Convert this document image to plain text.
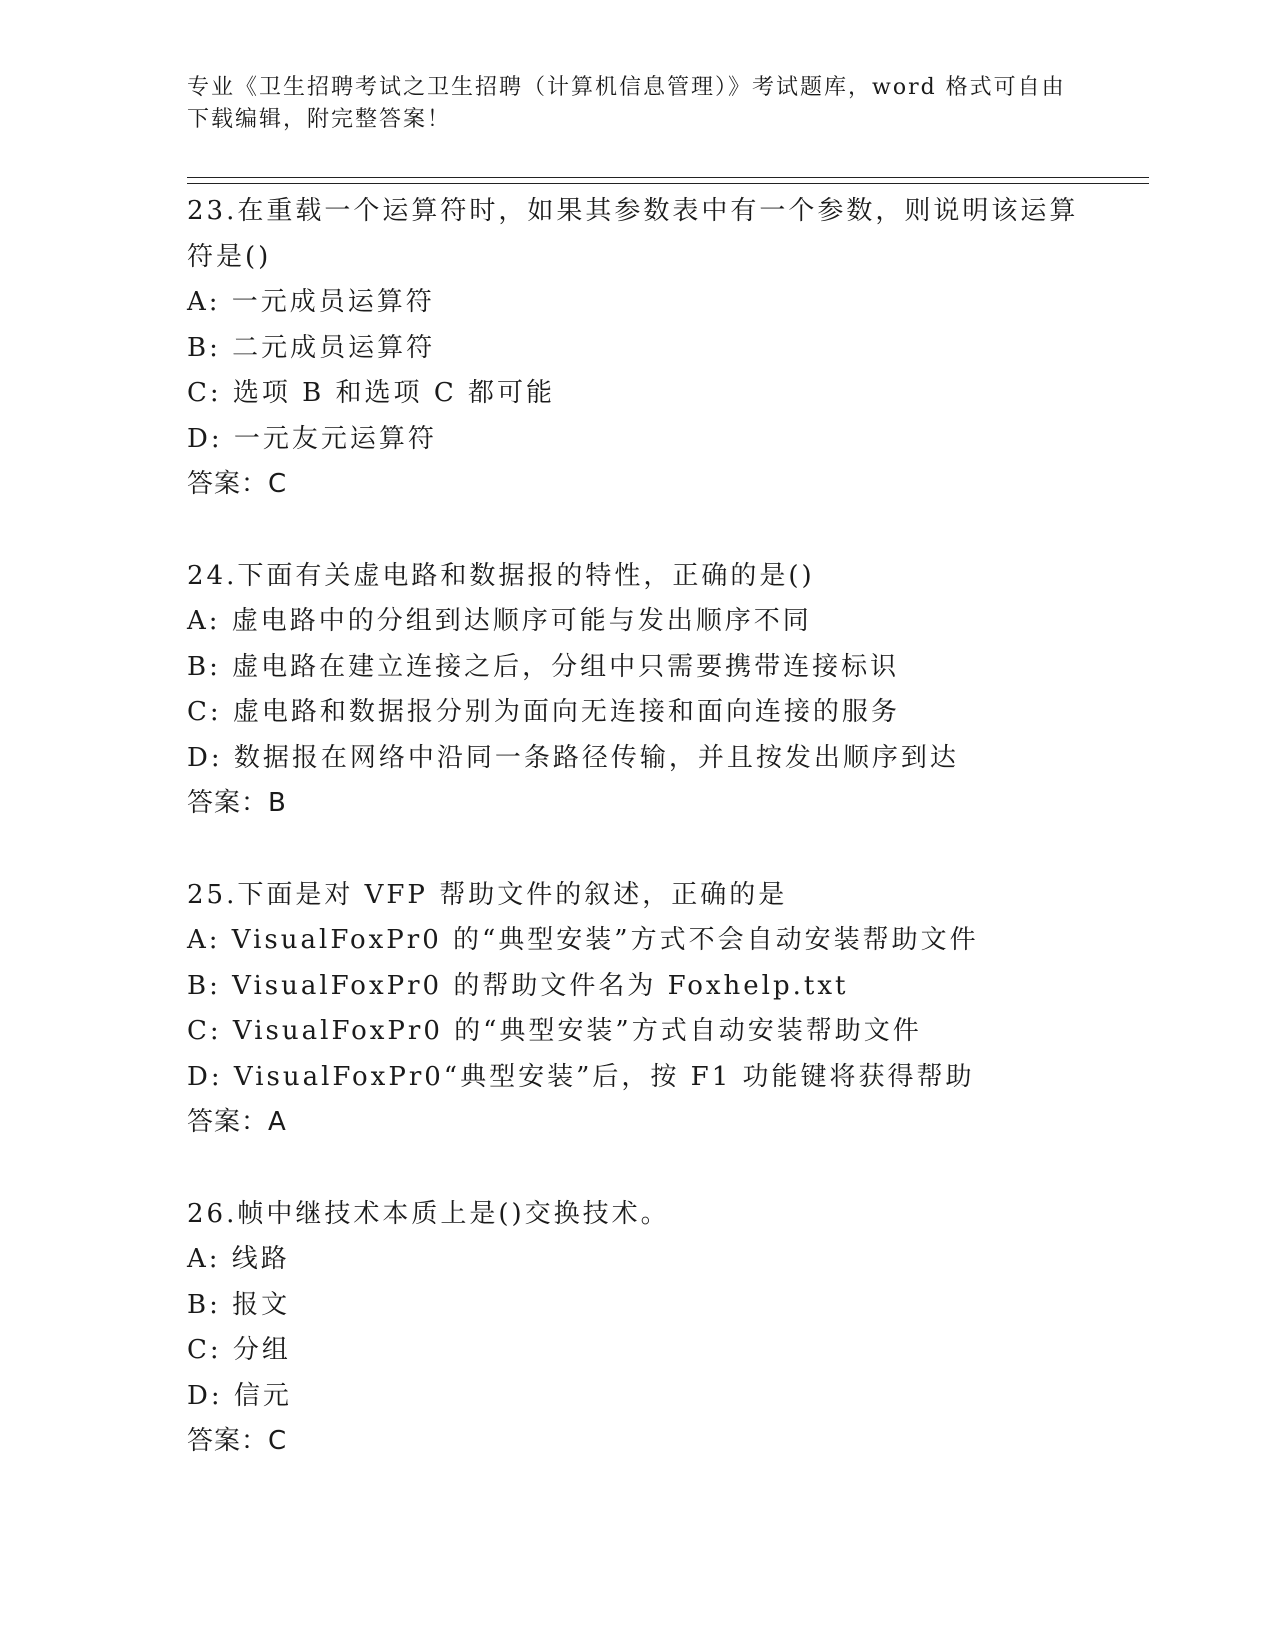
专业《卫生招聘考试之卫生招聘（计算机信息管理）》考试题库，word 格式可自由下载编辑，附完整答案！
23.在重载一个运算符时，如果其参数表中有一个参数，则说明该运算符是()
A: 一元成员运算符
B: 二元成员运算符
C: 选项 B 和选项 C 都可能
D: 一元友元运算符
答案：C
24.下面有关虚电路和数据报的特性，正确的是()
A: 虚电路中的分组到达顺序可能与发出顺序不同
B: 虚电路在建立连接之后，分组中只需要携带连接标识
C: 虚电路和数据报分别为面向无连接和面向连接的服务
D: 数据报在网络中沿同一条路径传输，并且按发出顺序到达
答案：B
25.下面是对 VFP 帮助文件的叙述，正确的是
A: VisualFoxPr0 的“典型安装”方式不会自动安装帮助文件
B: VisualFoxPr0 的帮助文件名为 Foxhelp.txt
C: VisualFoxPr0 的“典型安装”方式自动安装帮助文件
D: VisualFoxPr0“典型安装”后，按 F1 功能键将获得帮助
答案：A
26.帧中继技术本质上是()交换技术。
A: 线路
B: 报文
C: 分组
D: 信元
答案：C
